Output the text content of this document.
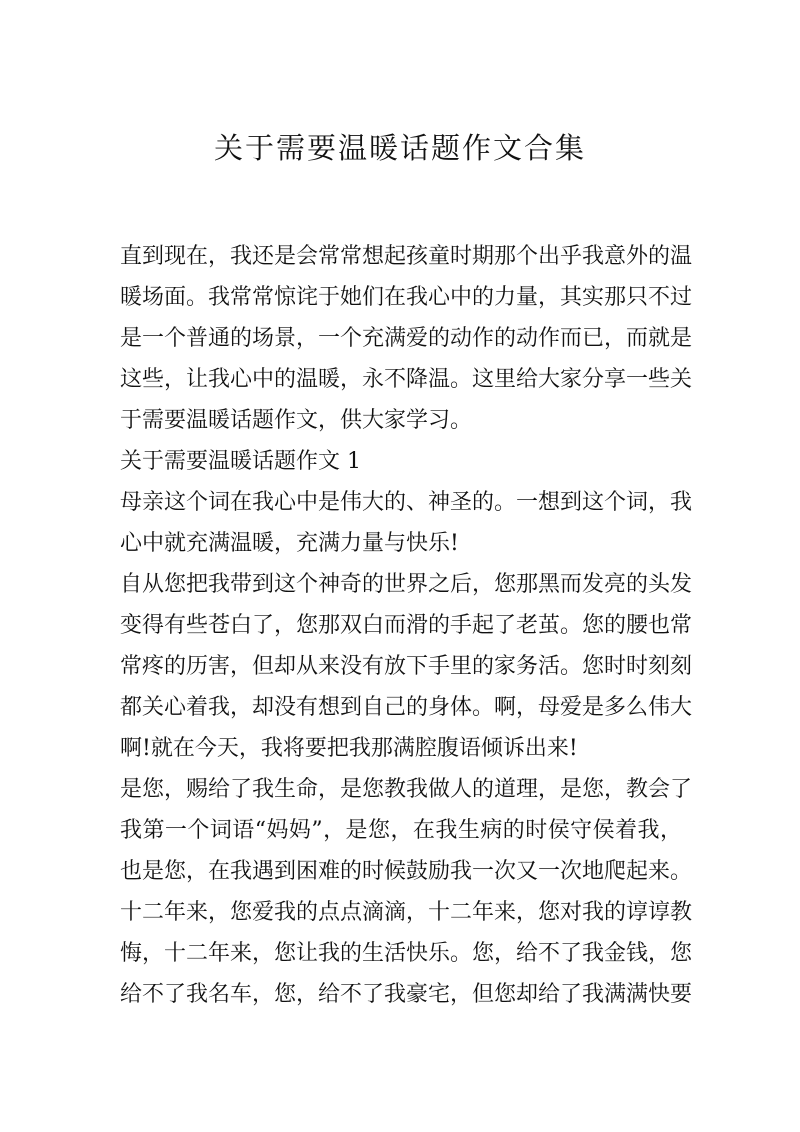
关于需要温暖话题作文合集
直到现在，我还是会常常想起孩童时期那个出乎我意外的温
暖场面。我常常惊诧于她们在我心中的力量，其实那只不过
是一个普通的场景，一个充满爱的动作的动作而已，而就是
这些，让我心中的温暖，永不降温。这里给大家分享一些关
于需要温暖话题作文，供大家学习。
关于需要温暖话题作文 1
母亲这个词在我心中是伟大的、神圣的。一想到这个词，我
心中就充满温暖，充满力量与快乐!
自从您把我带到这个神奇的世界之后，您那黑而发亮的头发
变得有些苍白了，您那双白而滑的手起了老茧。您的腰也常
常疼的历害，但却从来没有放下手里的家务活。您时时刻刻
都关心着我，却没有想到自己的身体。啊，母爱是多么伟大
啊!就在今天，我将要把我那满腔腹语倾诉出来!
是您，赐给了我生命，是您教我做人的道理，是您，教会了
我第一个词语“妈妈”，是您，在我生病的时侯守侯着我，
也是您，在我遇到困难的时候鼓励我一次又一次地爬起来。
十二年来，您爱我的点点滴滴，十二年来，您对我的谆谆教
悔，十二年来，您让我的生活快乐。您，给不了我金钱，您
给不了我名车，您，给不了我豪宅，但您却给了我满满快要
